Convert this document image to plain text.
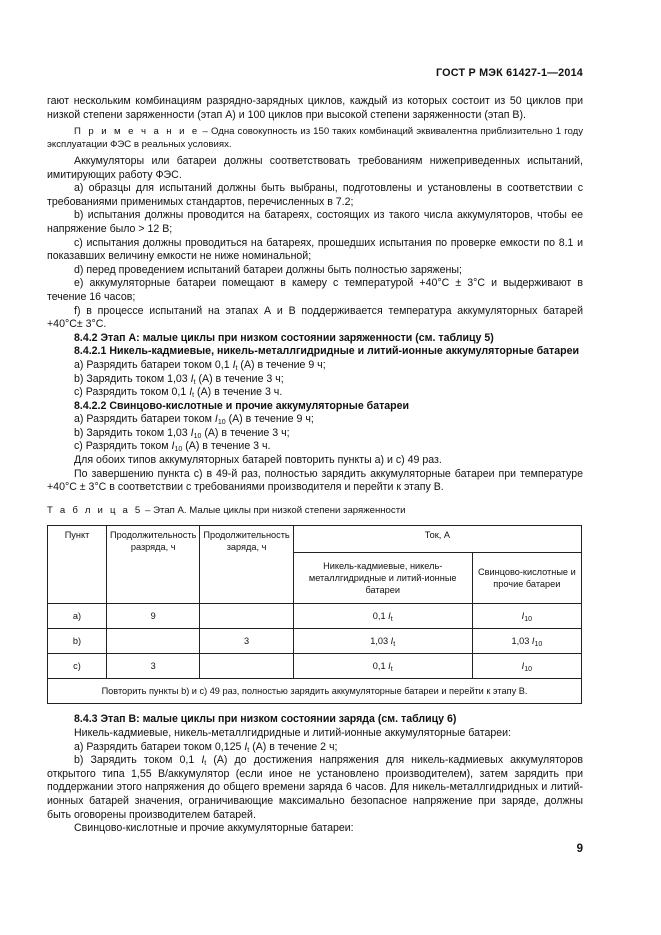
ГОСТ Р МЭК 61427-1—2014

гают нескольким комбинациям разрядно-зарядных циклов, каждый из которых состоит из 50 циклов при низкой степени заряженности (этап А) и 100 циклов при высокой степени заряженности (этап В).

П р и м е ч а н и е – Одна совокупность из 150 таких комбинаций эквивалентна приблизительно 1 году эксплуатации ФЭС в реальных условиях.

Аккумуляторы или батареи должны соответствовать требованиям нижеприведенных испытаний, имитирующих работу ФЭС.

а) образцы для испытаний должны быть выбраны, подготовлены и установлены в соответствии с требованиями применимых стандартов, перечисленных в 7.2;

b) испытания должны проводится на батареях, состоящих из такого числа аккумуляторов, чтобы ее напряжение было > 12 В;

c) испытания должны проводиться на батареях, прошедших испытания по проверке емкости по 8.1 и показавших величину емкости не ниже номинальной;

d) перед проведением испытаний батареи должны быть полностью заряжены;

e) аккумуляторные батареи помещают в камеру с температурой +40°С ± 3°С и выдерживают в течение 16 часов;

f) в процессе испытаний на этапах А и В поддерживается температура аккумуляторных батарей +40°С± 3°С.

8.4.2 Этап А: малые циклы при низком состоянии заряженности (см. таблицу 5)

8.4.2.1 Никель-кадмиевые, никель-металлгидридные и литий-ионные аккумуляторные батареи

а) Разрядить батареи током 0,1 $I_t$ (А) в течение 9 ч;

b) Зарядить током 1,03 $I_t$ (А) в течение 3 ч;

c) Разрядить током 0,1 $I_t$ (А) в течение 3 ч.

8.4.2.2 Свинцово-кислотные и прочие аккумуляторные батареи

а) Разрядить батареи током $I_{10}$ (А) в течение 9 ч;

b) Зарядить током 1,03 $I_{10}$ (А) в течение 3 ч;

c) Разрядить током $I_{10}$ (А) в течение 3 ч.

Для обоих типов аккумуляторных батарей повторить пункты а) и с) 49 раз.

По завершению пункта с) в 49-й раз, полностью зарядить аккумуляторные батареи при температуре +40°С ± 3°С в соответствии с требованиями производителя и перейти к этапу В.

Т а б л и ц а 5 – Этап А. Малые циклы при низкой степени заряженности

Пункт	Продолжительность разряда, ч	Продолжительность заряда, ч	Ток, А	
			Никель-кадмиевые, никель-металлгидридные и литий-ионные батареи	Свинцово-кислотные и прочие батареи
a)	9		0,1 $I_t$	$I_{10}$
b)		3	1,03 $I_t$	1,03 $I_{10}$
c)	3		0,1 $I_t$	$I_{10}$
Повторить пункты b) и с) 49 раз, полностью зарядить аккумуляторные батареи и перейти к этапу В.				

8.4.3 Этап В: малые циклы при низком состоянии заряда (см. таблицу 6)

Никель-кадмиевые, никель-металлгидридные и литий-ионные аккумуляторные батареи:

а) Разрядить батареи током 0,125 $I_t$ (А) в течение 2 ч;

b) Зарядить током 0,1 $I_t$ (А) до достижения напряжения для никель-кадмиевых аккумуляторов открытого типа 1,55 В/аккумулятор (если иное не установлено производителем), затем зарядить при поддержании этого напряжения до общего времени заряда 6 часов. Для никель-металлгидридных и литий-ионных батарей значения, ограничивающие максимально безопасное напряжение при заряде, должны быть оговорены производителем батарей.

Свинцово-кислотные и прочие аккумуляторные батареи:

9
